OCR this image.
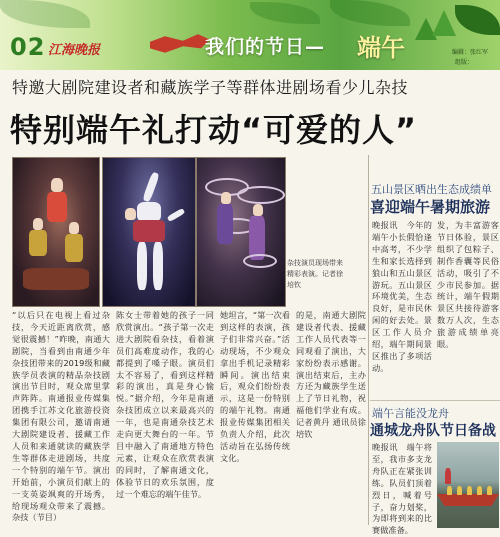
02 江海晚报	我们的节日— 端午	编辑：张红军
组版：
特邀大剧院建设者和藏族学子等群体进剧场看少儿杂技
特别端午礼打动“可爱的人”
杂技演员现场带来精彩表演。记者徐培钦
“以后只在电视上看过杂技，今天近距离欣赏，感觉很震撼！”昨晚，南通大剧院，当看到由南通少年杂技团带来的2019级和藏族学员表演的精品杂技剧演出节目时，观众席里掌声阵阵。南通报业传媒集团携手江苏文化旅游投资集团有限公司，邀请南通大剧院建设者、援藏工作人员和来通就读的藏族学生等群体走进剧场，共度一个特别的端午节。演出开始前，小演员们献上的一支英姿飒爽的开场秀，给现场观众带来了震撼。杂技（节目）
陈女士带着她的孩子一同欣赏演出。“孩子第一次走进大剧院看杂技，看着演员们高难度动作，我的心都提到了嗓子眼。演员们太不容易了，看到这样精彩的演出，真是身心愉悦。”据介绍，今年是南通杂技团成立以来最高兴的一年，也是南通杂技艺术走向更大舞台的一年。节目中融入了南通地方特色元素，让观众在欣赏表演的同时，了解南通文化，体验节日的欢乐氛围，度过一个难忘的端午佳节。
她坦言，“第一次看到这样的表演，孩子们非常兴奋。”活动现场，不少观众拿出手机记录精彩瞬间。演出结束后，观众们纷纷表示，这是一份特别的端午礼物。南通报业传媒集团相关负责人介绍，此次活动旨在弘扬传统文化。
的是，南通大剧院建设者代表、援藏工作人员代表等一同观看了演出，大家纷纷表示感谢。演出结束后，主办方还为藏族学生送上了节日礼物，祝福他们学业有成。记者黄丹 通讯员徐培钦
五山景区晒出生态成绩单
喜迎端午暑期旅游
晚报讯　今年的端午小长假恰逢中高考，不少学生和家长选择到狼山和五山景区游玩。五山景区环境优美，生态良好，是市民休闲的好去处。景区工作人员介绍，端午期间景区推出了多项活动。
发，为丰富游客节日体验，景区组织了包粽子、制作香囊等民俗活动，吸引了不少市民参加。据统计，端午假期景区共接待游客数万人次，生态旅游成绩单亮眼。
端午言能没龙舟
通城龙舟队节日备战
晚报讯　端午将至，我市多支龙舟队正在紧张训练。队员们顶着烈日，喊着号子，奋力划桨，为即将到来的比赛做准备。
